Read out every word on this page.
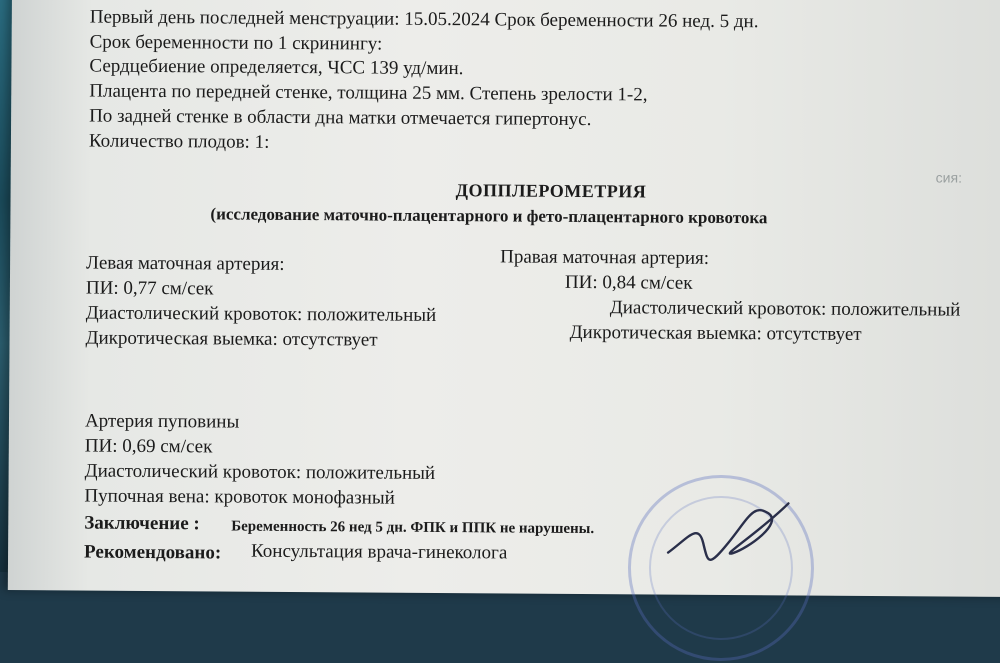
Первый день последней менструации: 15.05.2024 Срок беременности 26 нед. 5 дн.
Срок беременности по 1 скринингу:
Сердцебиение определяется, ЧСС 139 уд/мин.
Плацента по передней стенке, толщина 25 мм. Степень зрелости 1-2,
По задней стенке в области дна матки отмечается гипертонус.
Количество плодов: 1:
сия:
ДОППЛЕРОМЕТРИЯ
(исследование маточно-плацентарного и фето-плацентарного кровотока
Левая маточная артерия:
ПИ: 0,77 см/сек
Диастолический кровоток: положительный
Дикротическая выемка: отсутствует
Правая маточная артерия:
ПИ: 0,84 см/сек
Диастолический кровоток: положительный
Дикротическая выемка: отсутствует
Артерия пуповины
ПИ: 0,69 см/сек
Диастолический кровоток: положительный
Пупочная вена: кровоток монофазный
Заключение : Беременность 26 нед 5 дн. ФПК и ППК не нарушены.
Рекомендовано: Консультация врача-гинеколога
